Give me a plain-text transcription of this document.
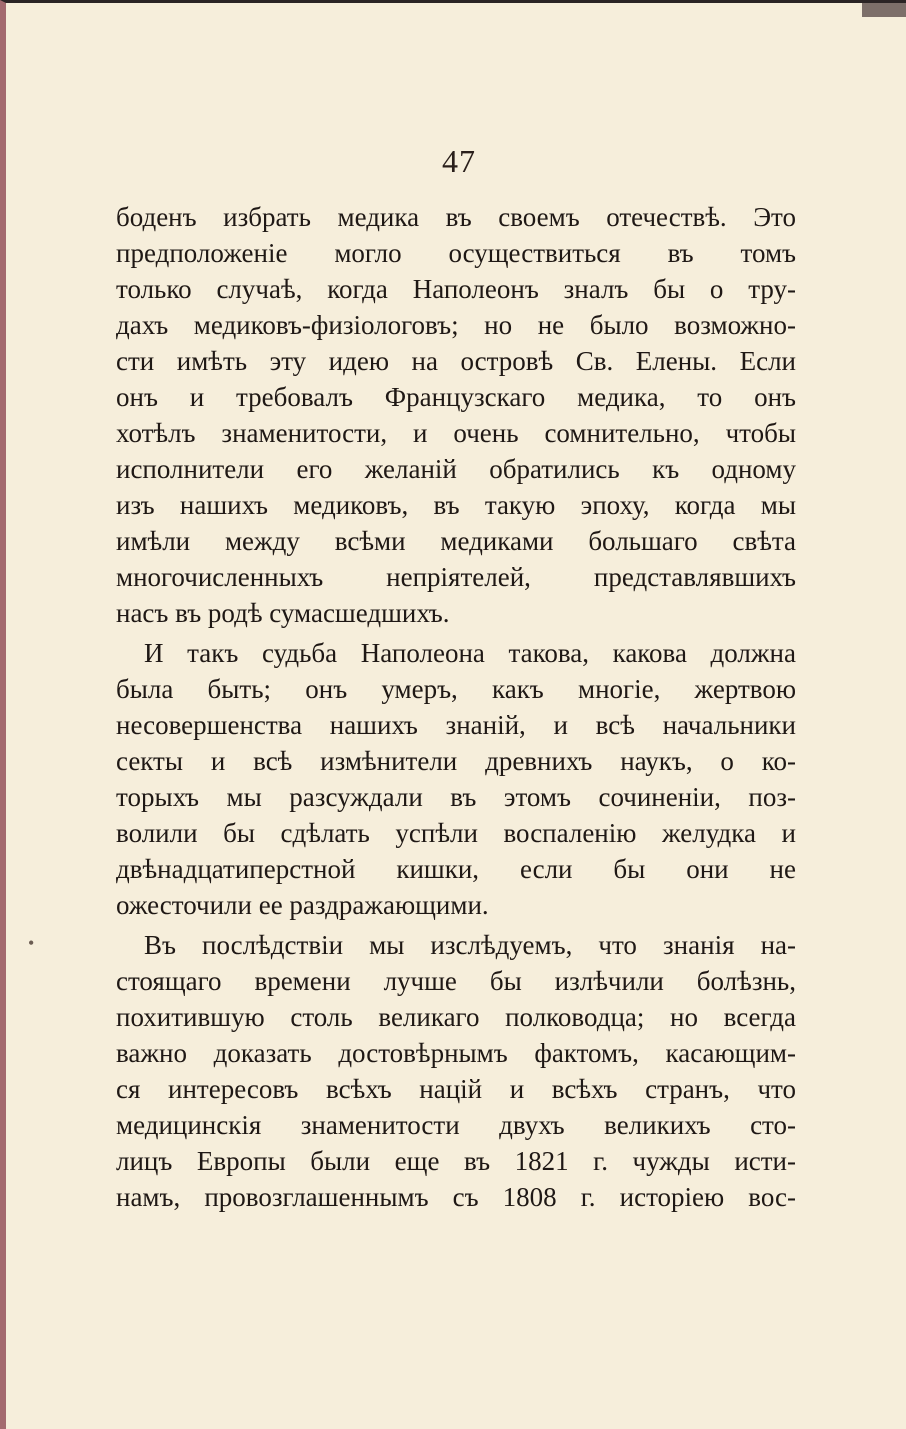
47
боденъ избрать медика въ своемъ отечествѣ. Это
предположенiе могло осуществиться въ томъ
только случаѣ, когда Наполеонъ зналъ бы о тру-
дахъ медиковъ-физiологовъ; но не было возможно-
сти имѣть эту идею на островѣ Св. Елены. Если
онъ и требовалъ Французскаго медика, то онъ
хотѣлъ знаменитости, и очень сомнительно, чтобы
исполнители его желанiй обратились къ одному
изъ нашихъ медиковъ, въ такую эпоху, когда мы
имѣли между всѣми медиками большаго свѣта
многочисленныхъ непрiятелей, представлявшихъ
насъ въ родѣ сумасшедшихъ.
И такъ судьба Наполеона такова, какова должна
была быть; онъ умеръ, какъ многiе, жертвою
несовершенства нашихъ знанiй, и всѣ начальники
секты и всѣ измѣнители древнихъ наукъ, о ко-
торыхъ мы разсуждали въ этомъ сочиненiи, поз-
волили бы сдѣлать успѣли воспаленiю желудка и
двѣнадцатиперстной кишки, если бы они не
ожесточили ее раздражающими.
Въ послѣдствiи мы изслѣдуемъ, что знанiя на-
стоящаго времени лучше бы излѣчили болѣзнь,
похитившую столь великаго полководца; но всегда
важно доказать достовѣрнымъ фактомъ, касающим-
ся интересовъ всѣхъ нацiй и всѣхъ странъ, что
медицинскiя знаменитости двухъ великихъ сто-
лицъ Европы были еще въ 1821 г. чужды исти-
намъ, провозглашеннымъ съ 1808 г. исторiею вос-
•
